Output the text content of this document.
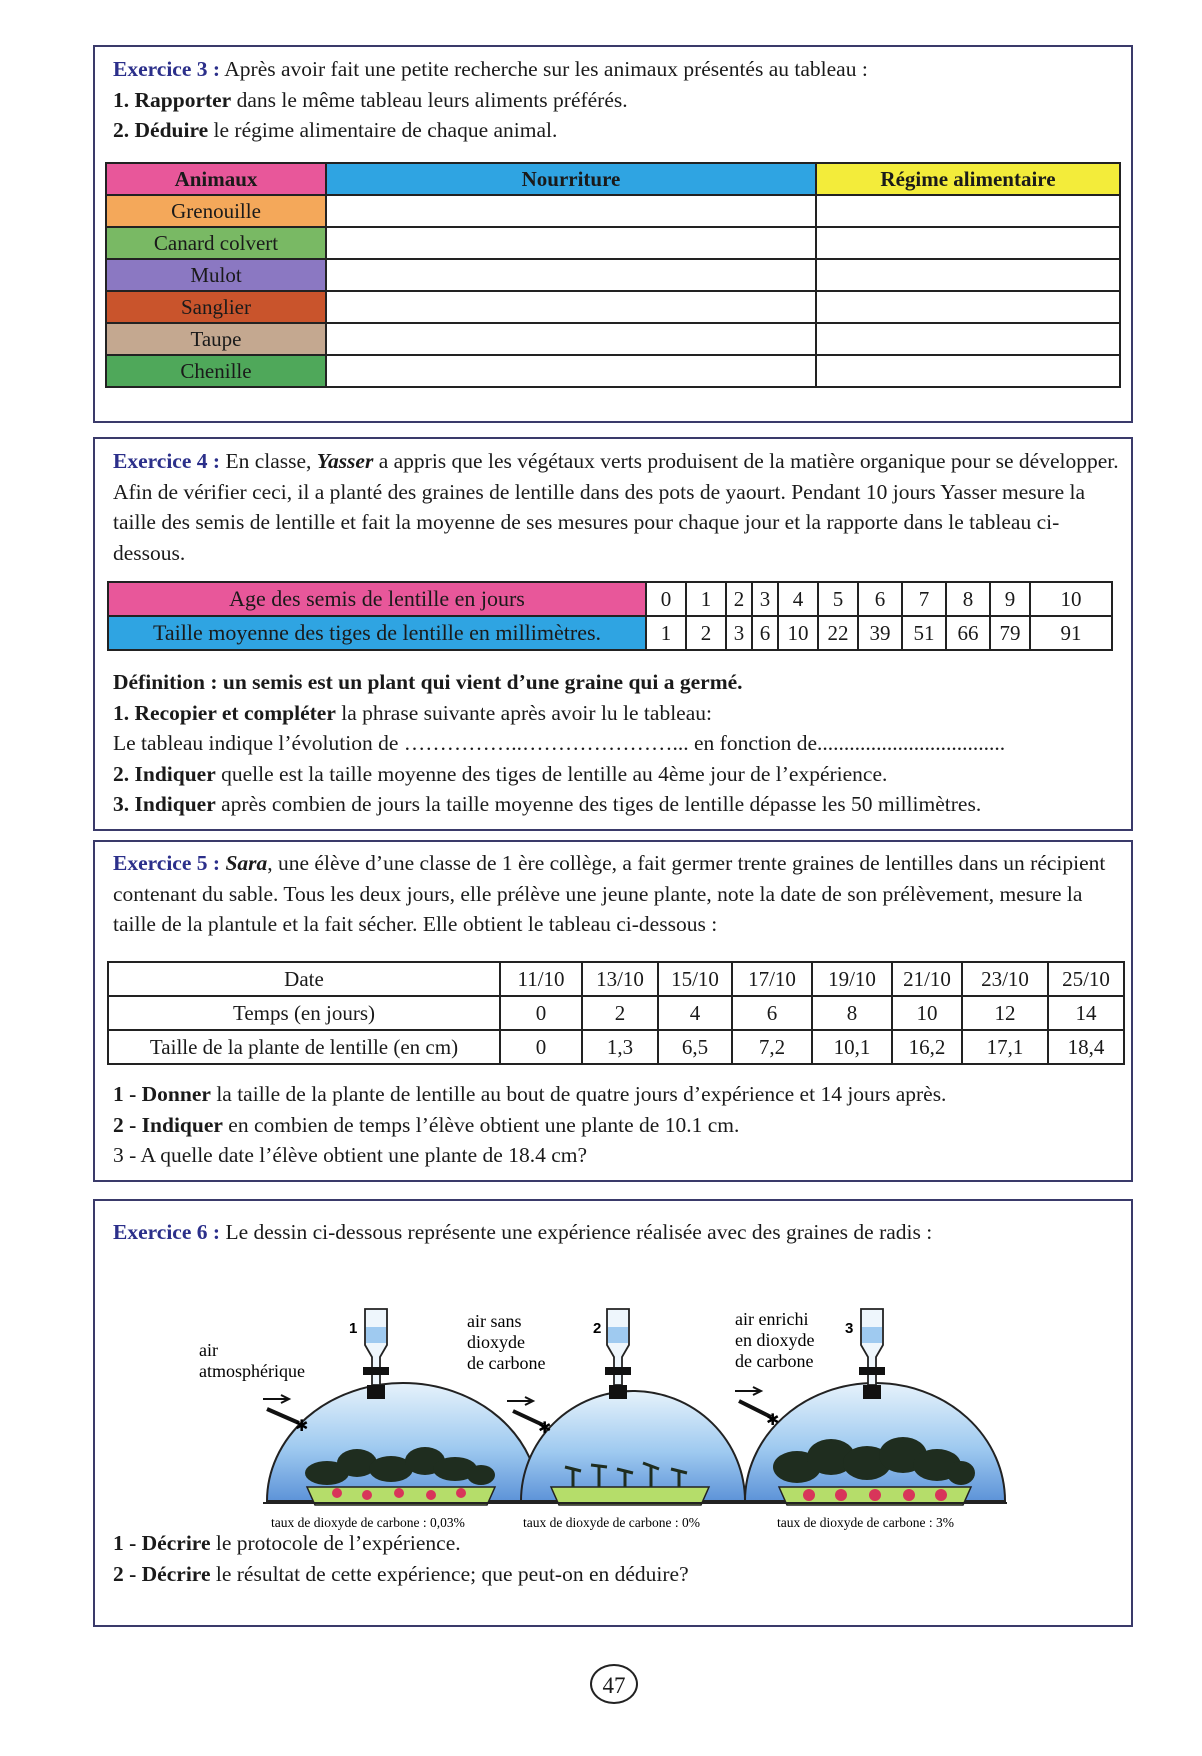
Exercice 3 : Après avoir fait une petite recherche sur les animaux présentés au tableau :
1. Rapporter dans le même tableau leurs aliments préférés.
2. Déduire le régime alimentaire de chaque animal.
Animaux	Nourriture	Régime alimentaire
Grenouille		
Canard colvert		
Mulot		
Sanglier		
Taupe		
Chenille		
Exercice 4 : En classe, Yasser a appris que les végétaux verts produisent de la matière organique pour se développer. Afin de vérifier ceci, il a planté des graines de lentille dans des pots de yaourt. Pendant 10 jours Yasser mesure la taille des semis de lentille et fait la moyenne de ses mesures pour chaque jour et la rapporte dans le tableau ci-dessous.
Age des semis de lentille en jours	0	1	2	3	4	5	6	7	8	9	10
Taille moyenne des tiges de lentille en millimètres.	1	2	3	6	10	22	39	51	66	79	91
Définition : un semis est un plant qui vient d’une graine qui a germé.
1. Recopier et compléter la phrase suivante après avoir lu le tableau:
Le tableau indique l’évolution de ……………..…………………... en fonction de...................................
2. Indiquer quelle est la taille moyenne des tiges de lentille au 4ème jour de l’expérience.
3. Indiquer après combien de jours la taille moyenne des tiges de lentille dépasse les 50 millimètres.
Exercice 5 : Sara, une élève d’une classe de 1 ère collège, a fait germer trente graines de lentilles dans un récipient contenant du sable. Tous les deux jours, elle prélève une jeune plante, note la date de son prélèvement, mesure la taille de la plantule et la fait sécher. Elle obtient le tableau ci-dessous :
Date	11/10	13/10	15/10	17/10	19/10	21/10	23/10	25/10
Temps (en jours)	0	2	4	6	8	10	12	14
Taille de la plante de lentille (en cm)	0	1,3	6,5	7,2	10,1	16,2	17,1	18,4
1 - Donner la taille de la plante de lentille au bout de quatre jours d’expérience et 14 jours après.
2 - Indiquer en combien de temps l’élève obtient une plante de 10.1 cm.
3 - A quelle date l’élève obtient une plante de 18.4 cm?
Exercice 6 : Le dessin ci-dessous représente une expérience réalisée avec des graines de radis :
1
air
atmosphérique
✱
2
air sans
dioxyde
de carbone
✱
3
air enrichi
en dioxyde
de carbone
✱
taux de dioxyde de carbone : 0,03%	taux de dioxyde de carbone : 0%	taux de dioxyde de carbone : 3%
1 - Décrire le protocole de l’expérience.
2 - Décrire le résultat de cette expérience; que peut-on en déduire?
47
